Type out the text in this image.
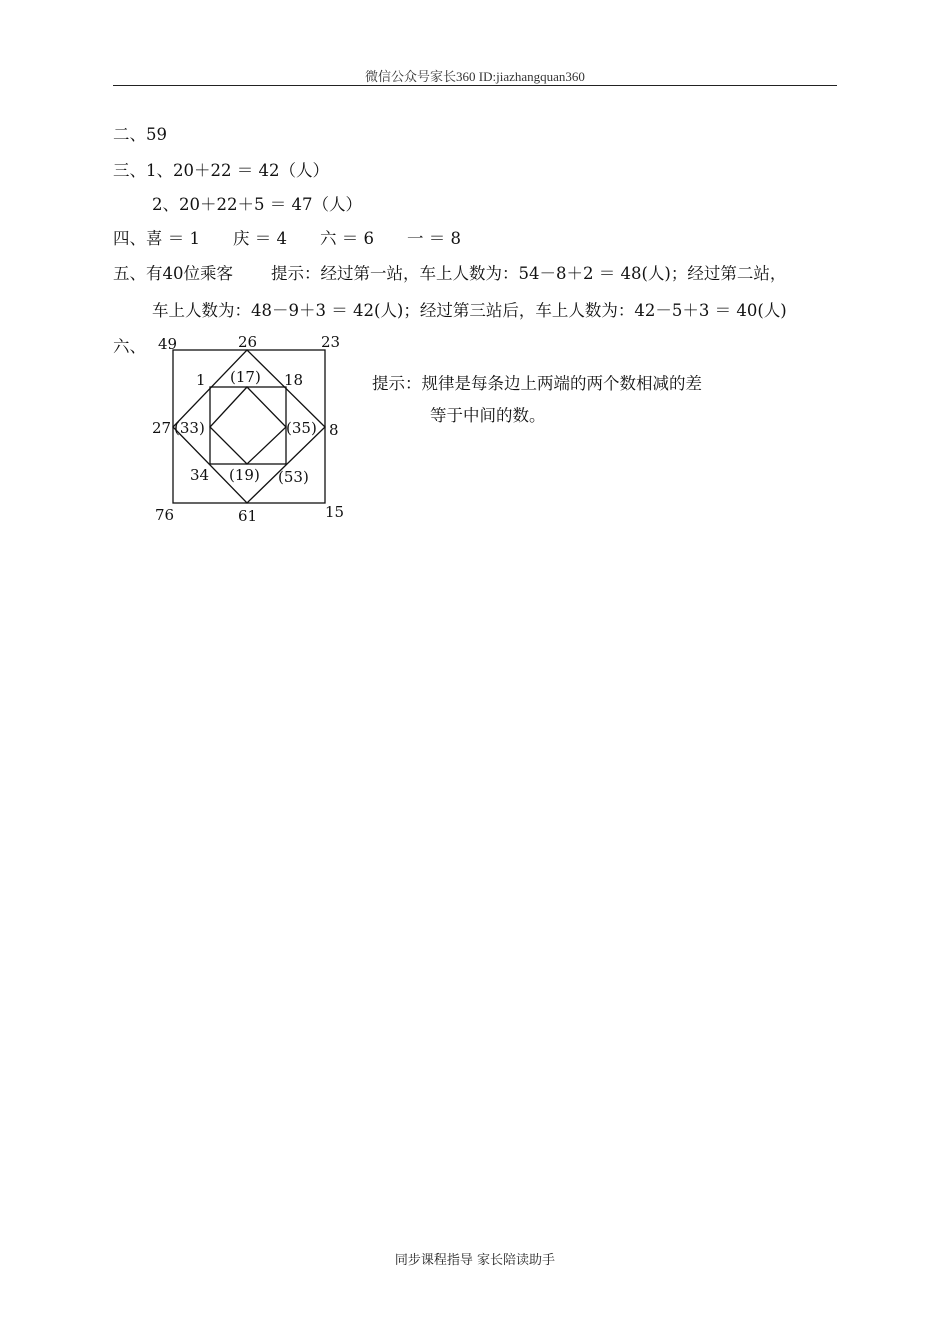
微信公众号家长360 ID:jiazhangquan360
二、59
三、1、20＋22 ＝ 42（人）
2、20＋22＋5 ＝ 47（人）
四、喜 ＝ 1　　庆 ＝ 4　　六 ＝ 6　　一 ＝ 8
五、有40位乘客 提示：经过第一站，车上人数为：54－8＋2 ＝ 48(人)；经过第二站，
车上人数为：48－9＋3 ＝ 42(人)；经过第三站后，车上人数为：42－5＋3 ＝ 40(人)
六、 49	26	23
1 (17) 18
27 (33)	(35) 8
34 (19) (53)
76	61	15
提示：规律是每条边上两端的两个数相减的差
等于中间的数。
同步课程指导 家长陪读助手
